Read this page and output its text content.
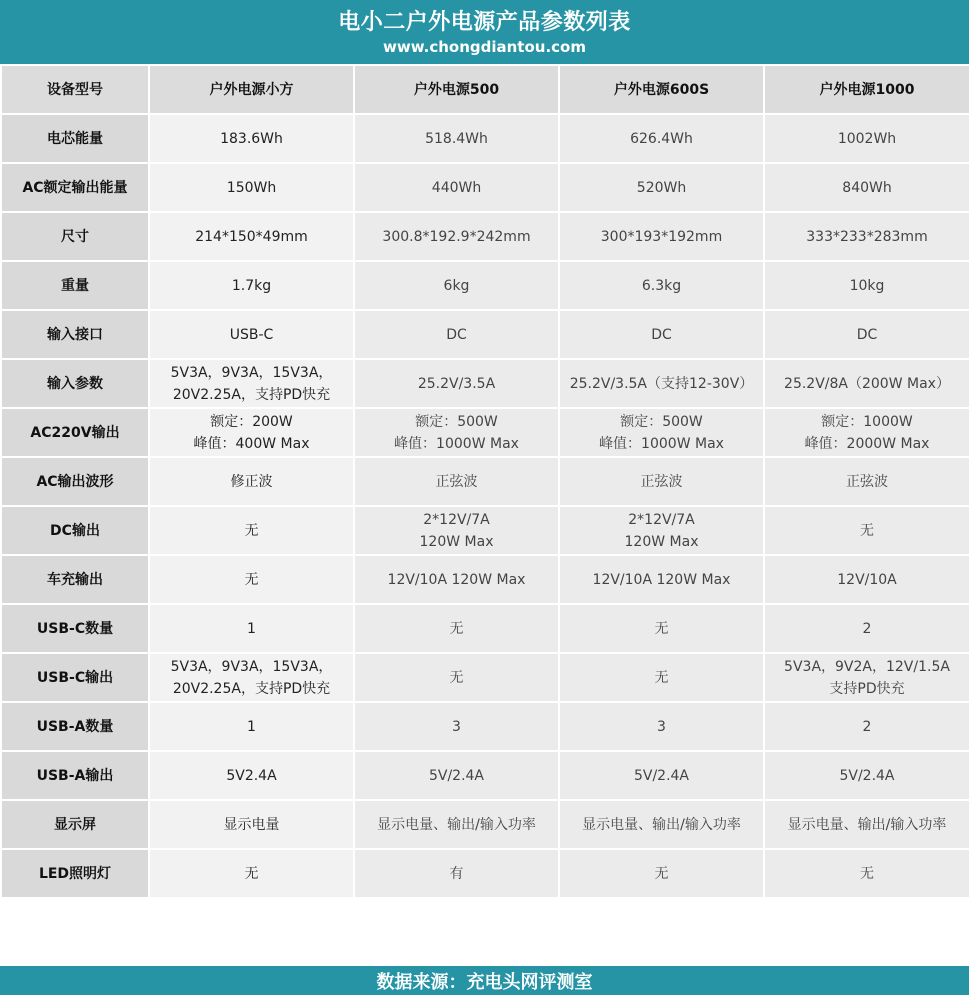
电小二户外电源产品参数列表
www.chongdiantou.com
设备型号	户外电源小方	户外电源500	户外电源600S	户外电源1000
电芯能量	183.6Wh	518.4Wh	626.4Wh	1002Wh

AC额定输出能量	150Wh	440Wh	520Wh	840Wh

尺寸	214*150*49mm	300.8*192.9*242mm	300*193*192mm	333*233*283mm

重量	1.7kg	6kg	6.3kg	10kg

输入接口	USB-C	DC	DC	DC

输入参数	5V3A，9V3A，15V3A，
20V2.25A，支持PD快充	25.2V/3.5A	25.2V/3.5A（支持12-30V）	25.2V/8A（200W Max）

AC220V输出	额定：200W
峰值：400W Max	额定：500W
峰值：1000W Max	额定：500W
峰值：1000W Max	额定：1000W
峰值：2000W Max

AC输出波形	修正波	正弦波	正弦波	正弦波

DC输出	无	2*12V/7A
120W Max	2*12V/7A
120W Max	无

车充输出	无	12V/10A 120W Max	12V/10A 120W Max	12V/10A

USB-C数量	1	无	无	2

USB-C输出	5V3A，9V3A，15V3A，
20V2.25A，支持PD快充	无	无	5V3A，9V2A，12V/1.5A
支持PD快充

USB-A数量	1	3	3	2

USB-A输出	5V2.4A	5V/2.4A	5V/2.4A	5V/2.4A

显示屏	显示电量	显示电量、输出/输入功率	显示电量、输出/输入功率	显示电量、输出/输入功率

LED照明灯	无	有	无	无
数据来源：充电头网评测室
